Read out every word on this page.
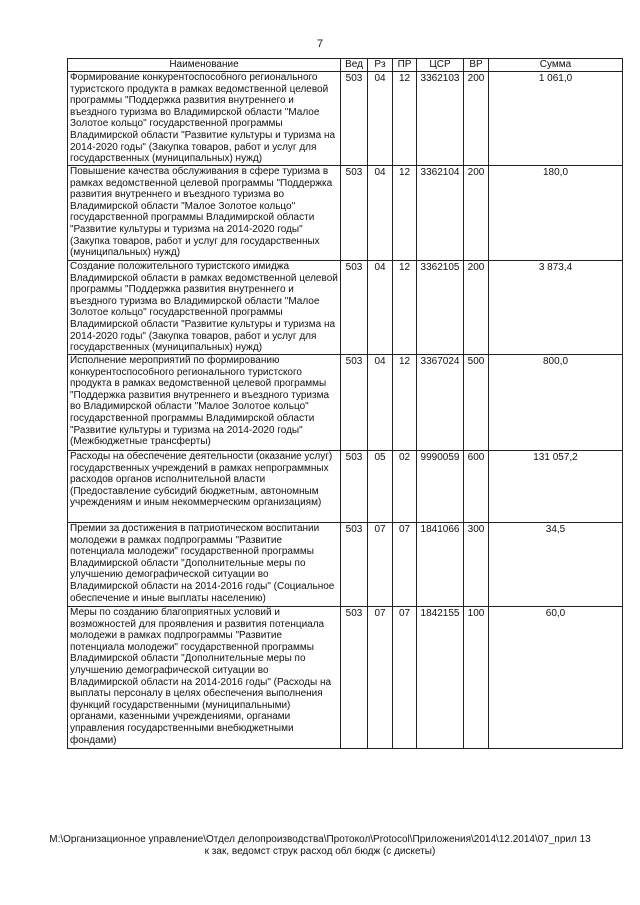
7
Наименование	Вед	Рз	ПР	ЦСР	ВР	Сумма
Формирование конкурентоспособного регионального туристского продукта в рамках ведомственной целевой программы "Поддержка развития внутреннего и въездного туризма во Владимирской области "Малое Золотое кольцо" государственной программы Владимирской области "Развитие культуры и туризма на 2014-2020 годы" (Закупка товаров, работ и услуг для государственных (муниципальных) нужд)	503	04	12	3362103	200	1 061,0
Повышение качества обслуживания в сфере туризма в рамках ведомственной целевой программы "Поддержка развития внутреннего и въездного туризма во Владимирской области "Малое Золотое кольцо" государственной программы Владимирской области "Развитие культуры и туризма на 2014-2020 годы" (Закупка товаров, работ и услуг для государственных (муниципальных) нужд)	503	04	12	3362104	200	180,0
Создание положительного туристского имиджа Владимирской области в рамках ведомственной целевой программы "Поддержка развития внутреннего и въездного туризма во Владимирской области "Малое Золотое кольцо" государственной программы Владимирской области "Развитие культуры и туризма на 2014-2020 годы" (Закупка товаров, работ и услуг для государственных (муниципальных) нужд)	503	04	12	3362105	200	3 873,4
Исполнение мероприятий по формированию конкурентоспособного регионального туристского продукта в рамках ведомственной целевой программы "Поддержка развития внутреннего и въездного туризма во Владимирской области "Малое Золотое кольцо" государственной программы Владимирской области "Развитие культуры и туризма на 2014-2020 годы" (Межбюджетные трансферты)	503	04	12	3367024	500	800,0
Расходы на обеспечение деятельности (оказание услуг) государственных учреждений в рамках непрограммных расходов органов исполнительной власти (Предоставление субсидий бюджетным, автономным учреждениям и иным некоммерческим организациям)	503	05	02	9990059	600	131 057,2
Премии за достижения в патриотическом воспитании молодежи в рамках подпрограммы "Развитие потенциала молодежи" государственной программы Владимирской области "Дополнительные меры по улучшению демографической ситуации во Владимирской области на 2014-2016 годы" (Социальное обеспечение и иные выплаты населению)	503	07	07	1841066	300	34,5
Меры по созданию благоприятных условий и возможностей для проявления и развития потенциала молодежи в рамках подпрограммы "Развитие потенциала молодежи" государственной программы Владимирской области "Дополнительные меры по улучшению демографической ситуации во Владимирской области на 2014-2016 годы" (Расходы на выплаты персоналу в целях обеспечения выполнения функций государственными (муниципальными) органами, казенными учреждениями, органами управления государственными внебюджетными фондами)	503	07	07	1842155	100	60,0
M:\Организационное управление\Отдел делопроизводства\Протокол\Protocol\Приложения\2014\12.2014\07_прил 13
к зак, ведомст струк расход обл бюдж (с дискеты)
